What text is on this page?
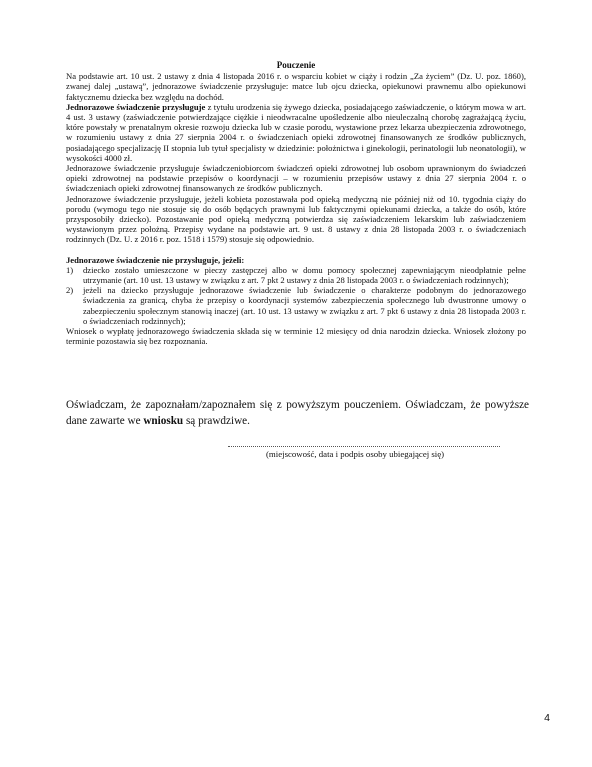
Pouczenie

Na podstawie art. 10 ust. 2 ustawy z dnia 4 listopada 2016 r. o wsparciu kobiet w ciąży i rodzin „Za życiem” (Dz. U. poz. 1860), zwanej dalej „ustawą”, jednorazowe świadczenie przysługuje: matce lub ojcu dziecka, opiekunowi prawnemu albo opiekunowi faktycznemu dziecka bez względu na dochód.

Jednorazowe świadczenie przysługuje z tytułu urodzenia się żywego dziecka, posiadającego zaświadczenie, o którym mowa w art. 4 ust. 3 ustawy (zaświadczenie potwierdzające ciężkie i nieodwracalne upośledzenie albo nieuleczalną chorobę zagrażającą życiu, które powstały w prenatalnym okresie rozwoju dziecka lub w czasie porodu, wystawione przez lekarza ubezpieczenia zdrowotnego, w rozumieniu ustawy z dnia 27 sierpnia 2004 r. o świadczeniach opieki zdrowotnej finansowanych ze środków publicznych, posiadającego specjalizację II stopnia lub tytuł specjalisty w dziedzinie: położnictwa i ginekologii, perinatologii lub neonatologii), w wysokości 4000 zł.

Jednorazowe świadczenie przysługuje świadczeniobiorcom świadczeń opieki zdrowotnej lub osobom uprawnionym do świadczeń opieki zdrowotnej na podstawie przepisów o koordynacji – w rozumieniu przepisów ustawy z dnia 27 sierpnia 2004 r. o świadczeniach opieki zdrowotnej finansowanych ze środków publicznych.

Jednorazowe świadczenie przysługuje, jeżeli kobieta pozostawała pod opieką medyczną nie później niż od 10. tygodnia ciąży do porodu (wymogu tego nie stosuje się do osób będących prawnymi lub faktycznymi opiekunami dziecka, a także do osób, które przysposobiły dziecko). Pozostawanie pod opieką medyczną potwierdza się zaświadczeniem lekarskim lub zaświadczeniem wystawionym przez położną. Przepisy wydane na podstawie art. 9 ust. 8 ustawy z dnia 28 listopada 2003 r. o świadczeniach rodzinnych (Dz. U. z 2016 r. poz. 1518 i 1579) stosuje się odpowiednio.

Jednorazowe świadczenie nie przysługuje, jeżeli:

1)	dziecko zostało umieszczone w pieczy zastępczej albo w domu pomocy społecznej zapewniającym nieodpłatnie pełne utrzymanie (art. 10 ust. 13 ustawy w związku z art. 7 pkt 2 ustawy z dnia 28 listopada 2003 r. o świadczeniach rodzinnych);
2)	jeżeli na dziecko przysługuje jednorazowe świadczenie lub świadczenie o charakterze podobnym do jednorazowego świadczenia za granicą, chyba że przepisy o koordynacji systemów zabezpieczenia społecznego lub dwustronne umowy o zabezpieczeniu społecznym stanowią inaczej (art. 10 ust. 13 ustawy w związku z art. 7 pkt 6 ustawy z dnia 28 listopada 2003 r. o świadczeniach rodzinnych);

Wniosek o wypłatę jednorazowego świadczenia składa się w terminie 12 miesięcy od dnia narodzin dziecka. Wniosek złożony po terminie pozostawia się bez rozpoznania.

Oświadczam, że zapoznałam/zapoznałem się z powyższym pouczeniem. Oświadczam, że powyższe dane zawarte we wniosku są prawdziwe.
(miejscowość, data i podpis osoby ubiegającej się)
4
